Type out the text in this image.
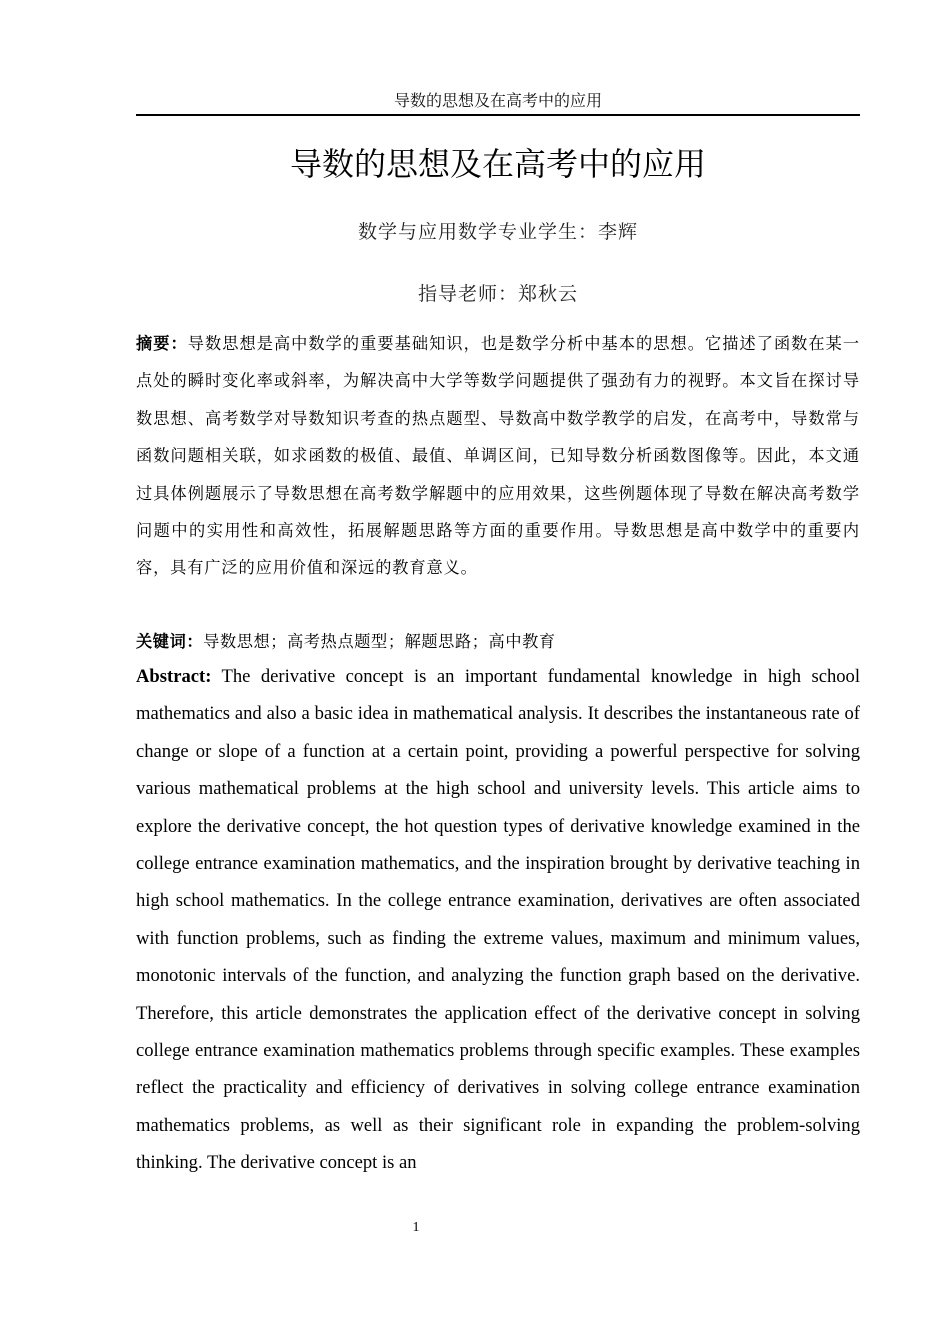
导数的思想及在高考中的应用
导数的思想及在高考中的应用
数学与应用数学专业学生：李辉
指导老师：郑秋云

摘要：导数思想是高中数学的重要基础知识，也是数学分析中基本的思想。它描述了函数在某一点处的瞬时变化率或斜率，为解决高中大学等数学问题提供了强劲有力的视野。本文旨在探讨导数思想、高考数学对导数知识考查的热点题型、导数高中数学教学的启发，在高考中，导数常与函数问题相关联，如求函数的极值、最值、单调区间，已知导数分析函数图像等。因此，本文通过具体例题展示了导数思想在高考数学解题中的应用效果，这些例题体现了导数在解决高考数学问题中的实用性和高效性，拓展解题思路等方面的重要作用。导数思想是高中数学中的重要内容，具有广泛的应用价值和深远的教育意义。

关键词：导数思想；高考热点题型；解题思路；高中教育

Abstract: The derivative concept is an important fundamental knowledge in high school mathematics and also a basic idea in mathematical analysis. It describes the instantaneous rate of change or slope of a function at a certain point, providing a powerful perspective for solving various mathematical problems at the high school and university levels. This article aims to explore the derivative concept, the hot question types of derivative knowledge examined in the college entrance examination mathematics, and the inspiration brought by derivative teaching in high school mathematics. In the college entrance examination, derivatives are often associated with function problems, such as finding the extreme values, maximum and minimum values, monotonic intervals of the function, and analyzing the function graph based on the derivative. Therefore, this article demonstrates the application effect of the derivative concept in solving college entrance examination mathematics problems through specific examples. These examples reflect the practicality and efficiency of derivatives in solving college entrance examination mathematics problems, as well as their significant role in expanding the problem-solving thinking. The derivative concept is an

1
